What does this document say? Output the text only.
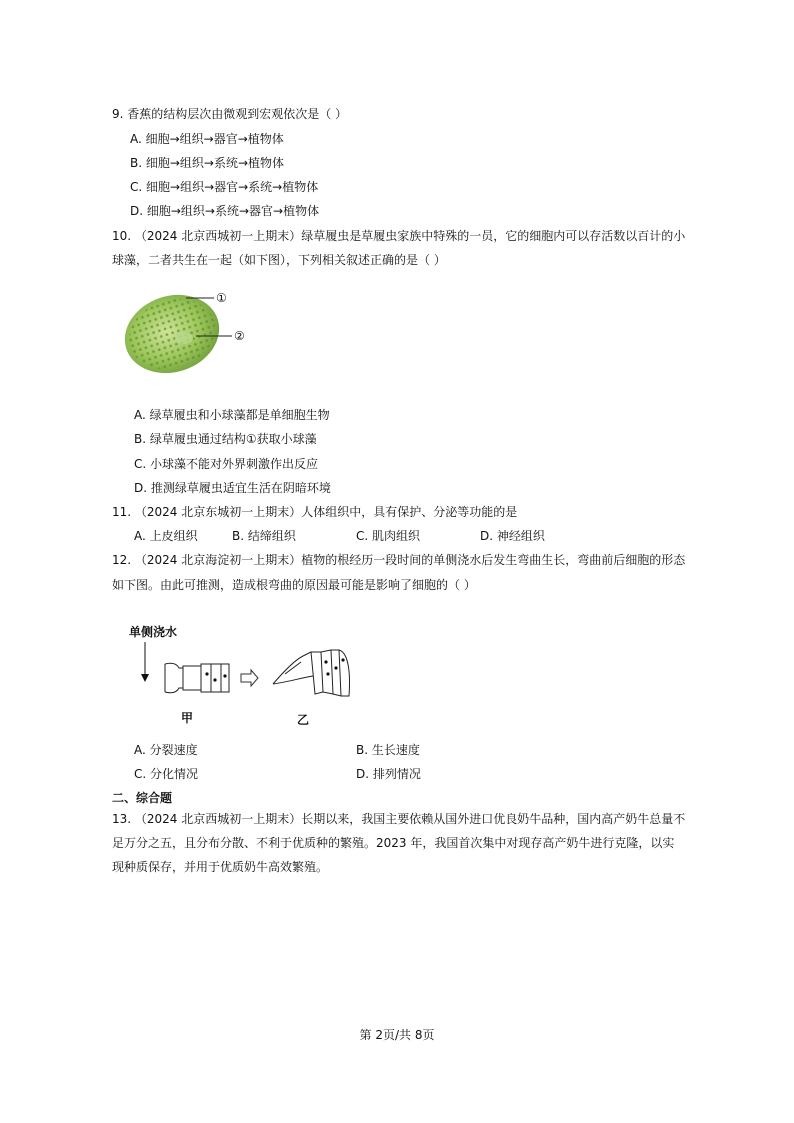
9. 香蕉的结构层次由微观到宏观依次是（ ）
A. 细胞→组织→器官→植物体
B. 细胞→组织→系统→植物体
C. 细胞→组织→器官→系统→植物体
D. 细胞→组织→系统→器官→植物体
10. （2024 北京西城初一上期末）绿草履虫是草履虫家族中特殊的一员，它的细胞内可以存活数以百计的小
球藻，二者共生在一起（如下图），下列相关叙述正确的是（ ）
①
②
A. 绿草履虫和小球藻都是单细胞生物
B. 绿草履虫通过结构①获取小球藻
C. 小球藻不能对外界刺激作出反应
D. 推测绿草履虫适宜生活在阴暗环境
11. （2024 北京东城初一上期末）人体组织中，具有保护、分泌等功能的是
A. 上皮组织	B. 结缔组织	C. 肌肉组织	D. 神经组织
12. （2024 北京海淀初一上期末）植物的根经历一段时间的单侧浇水后发生弯曲生长，弯曲前后细胞的形态
如下图。由此可推测，造成根弯曲的原因最可能是影响了细胞的（ ）
单侧浇水
甲	乙
A. 分裂速度	B. 生长速度
C. 分化情况	D. 排列情况
二、综合题
13. （2024 北京西城初一上期末）长期以来，我国主要依赖从国外进口优良奶牛品种，国内高产奶牛总量不
足万分之五，且分布分散、不利于优质种的繁殖。2023 年，我国首次集中对现存高产奶牛进行克隆，以实
现种质保存，并用于优质奶牛高效繁殖。
第 2页/共 8页
